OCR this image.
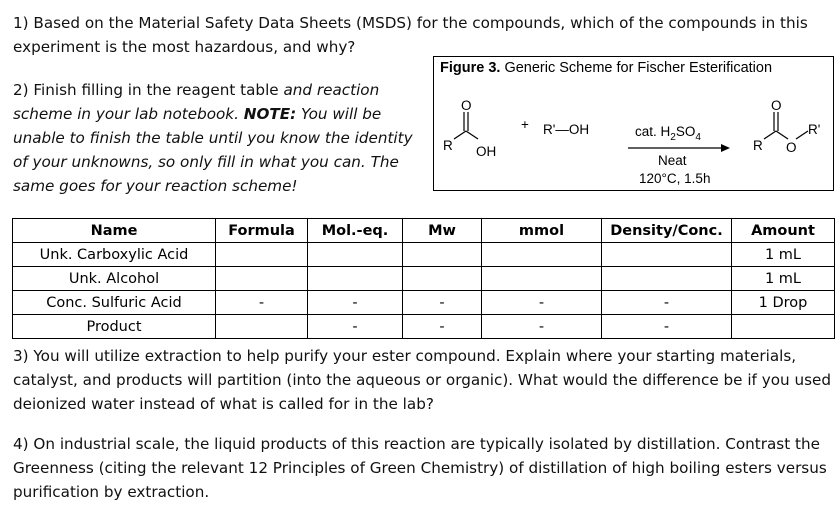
1) Based on the Material Safety Data Sheets (MSDS) for the compounds, which of the compounds in this experiment is the most hazardous, and why?
2) Finish filling in the reagent table and reaction scheme in your lab notebook. NOTE: You will be unable to finish the table until you know the identity of your unknowns, so only fill in what you can. The same goes for your reaction scheme!
Figure 3. Generic Scheme for Fischer Esterification
O
R OH
+ R'—OH	cat. $H_2SO_4$
Neat
120°C, 1.5h
O
R O
R'
Name	Formula	Mol.-eq.	Mw	mmol	Density/Conc.	Amount
Unk. Carboxylic Acid						1 mL
Unk. Alcohol						1 mL
Conc. Sulfuric Acid	-	-	-	-	-	1 Drop
Product		-	-	-	-	
3) You will utilize extraction to help purify your ester compound. Explain where your starting materials, catalyst, and products will partition (into the aqueous or organic). What would the difference be if you used deionized water instead of what is called for in the lab?
4) On industrial scale, the liquid products of this reaction are typically isolated by distillation. Contrast the Greenness (citing the relevant 12 Principles of Green Chemistry) of distillation of high boiling esters versus purification by extraction.
